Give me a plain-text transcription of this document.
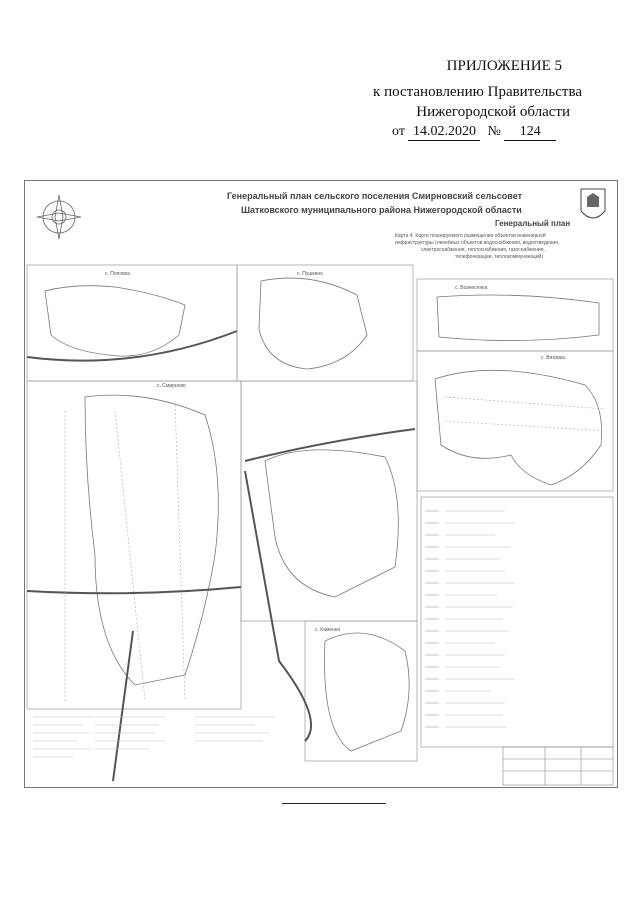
ПРИЛОЖЕНИЕ 5
к постановлению Правительства
Нижегородской области
от 14.02.2020 № 124
Генеральный план сельского поселения Смирновский сельсовет
Шатковского муниципального района Нижегородской области
Генеральный план
Карта 4. Карта планируемого размещения объектов инженерной
инфраструктуры (линейных объектов водоснабжения, водоотведения,
электроснабжения, теплоснабжения, газоснабжения,
телефонизации, теплокоммуникаций)
с. Поповка	с. Пушкино
с. Вознесенка
с. Смирново
с. Вязовка
с. Каменка
